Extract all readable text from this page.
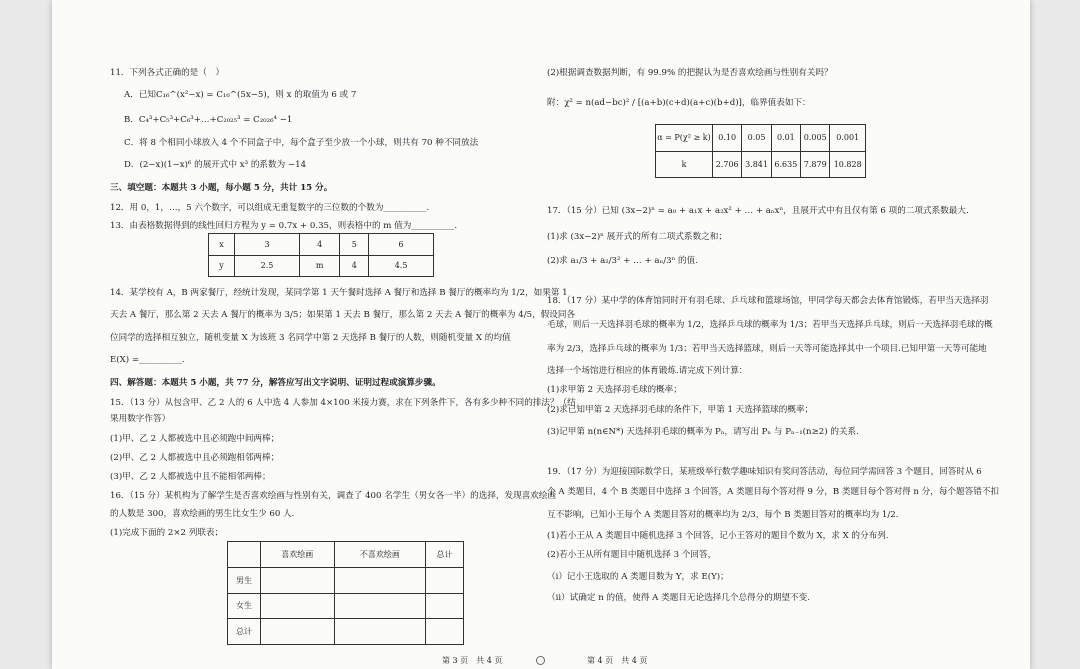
11．下列各式正确的是（　）
A．已知C₁₆^(x²−x) = C₁₆^(5x−5)，则 x 的取值为 6 或 7
B．C₄³+C₅³+C₆³+…+C₂₀₂₅³ = C₂₀₂₆⁴ −1
C．将 8 个相同小球放入 4 个不同盒子中，每个盒子至少放一个小球，则共有 70 种不同放法
D．(2−x)(1−x)⁶ 的展开式中 x³ 的系数为 −14
三、填空题：本题共 3 小题，每小题 5 分，共计 15 分。
12．用 0，1，…，5 六个数字，可以组成无重复数字的三位数的个数为__________.
13．由表格数据得到的线性回归方程为 y = 0.7x + 0.35，则表格中的 m 值为__________.
x	3	4	5	6
y	2.5	m	4	4.5
14．某学校有 A，B 两家餐厅，经统计发现，某同学第 1 天午餐时选择 A 餐厅和选择 B 餐厅的概率均为 1/2，如果第 1
天去 A 餐厅，那么第 2 天去 A 餐厅的概率为 3/5；如果第 1 天去 B 餐厅，那么第 2 天去 A 餐厅的概率为 4/5，假设同各
位同学的选择相互独立，随机变量 X 为该班 3 名同学中第 2 天选择 B 餐厅的人数，则随机变量 X 的均值
E(X) =__________.
四、解答题：本题共 5 小题，共 77 分，解答应写出文字说明、证明过程或演算步骤。
15．（13 分）从包含甲、乙 2 人的 6 人中选 4 人参加 4×100 米接力赛，求在下列条件下，各有多少种不同的排法？（结
果用数字作答）
(1)甲、乙 2 人都被选中且必须跑中间两棒；
(2)甲、乙 2 人都被选中且必须跑相邻两棒；
(3)甲、乙 2 人都被选中且不能相邻两棒；
16．（15 分）某机构为了解学生是否喜欢绘画与性别有关，调查了 400 名学生（男女各一半）的选择，发现喜欢绘画
的人数是 300，喜欢绘画的男生比女生少 60 人.
(1)完成下面的 2×2 列联表；
	喜欢绘画	不喜欢绘画	总计
男生			
女生			
总计			
(2)根据调查数据判断，有 99.9% 的把握认为是否喜欢绘画与性别有关吗？
附：χ² = n(ad−bc)² / [(a+b)(c+d)(a+c)(b+d)]，临界值表如下：
α = P(χ² ≥ k)	0.10	0.05	0.01	0.005	0.001
k	2.706	3.841	6.635	7.879	10.828
17．（15 分）已知 (3x−2)ⁿ = a₀ + a₁x + a₂x² + … + aₙxⁿ，且展开式中有且仅有第 6 项的二项式系数最大.
(1)求 (3x−2)ⁿ 展开式的所有二项式系数之和；
(2)求 a₁/3 + a₂/3² + … + aₙ/3ⁿ 的值.
18．（17 分）某中学的体育馆同时开有羽毛球、乒乓球和篮球场馆，甲同学每天都会去体育馆锻炼，若甲当天选择羽
毛球，则后一天选择羽毛球的概率为 1/2，选择乒乓球的概率为 1/3；若甲当天选择乒乓球，则后一天选择羽毛球的概
率为 2/3，选择乒乓球的概率为 1/3；若甲当天选择篮球，则后一天等可能选择其中一个项目.已知甲第一天等可能地
选择一个场馆进行相应的体育锻炼.请完成下列计算：
(1)求甲第 2 天选择羽毛球的概率；
(2)求已知甲第 2 天选择羽毛球的条件下，甲第 1 天选择篮球的概率；
(3)记甲第 n(n∈N*) 天选择羽毛球的概率为 Pₙ，请写出 Pₙ 与 Pₙ₋₁(n≥2) 的关系.
19．（17 分）为迎接国际数学日，某班级举行数学趣味知识有奖问答活动，每位同学需回答 3 个题目，回答时从 6
个 A 类题目，4 个 B 类题目中选择 3 个回答，A 类题目每个答对得 9 分，B 类题目每个答对得 n 分，每个题答错不扣
互不影响，已知小王每个 A 类题目答对的概率均为 2/3，每个 B 类题目答对的概率均为 1/2.
(1)若小王从 A 类题目中随机选择 3 个回答，记小王答对的题目个数为 X，求 X 的分布列.
(2)若小王从所有题目中随机选择 3 个回答，
（i）记小王选取的 A 类题目数为 Y，求 E(Y)；
（ii）试确定 n 的值，使得 A 类题目无论选择几个总得分的期望不变.
第 3 页　共 4 页	第 4 页　共 4 页
